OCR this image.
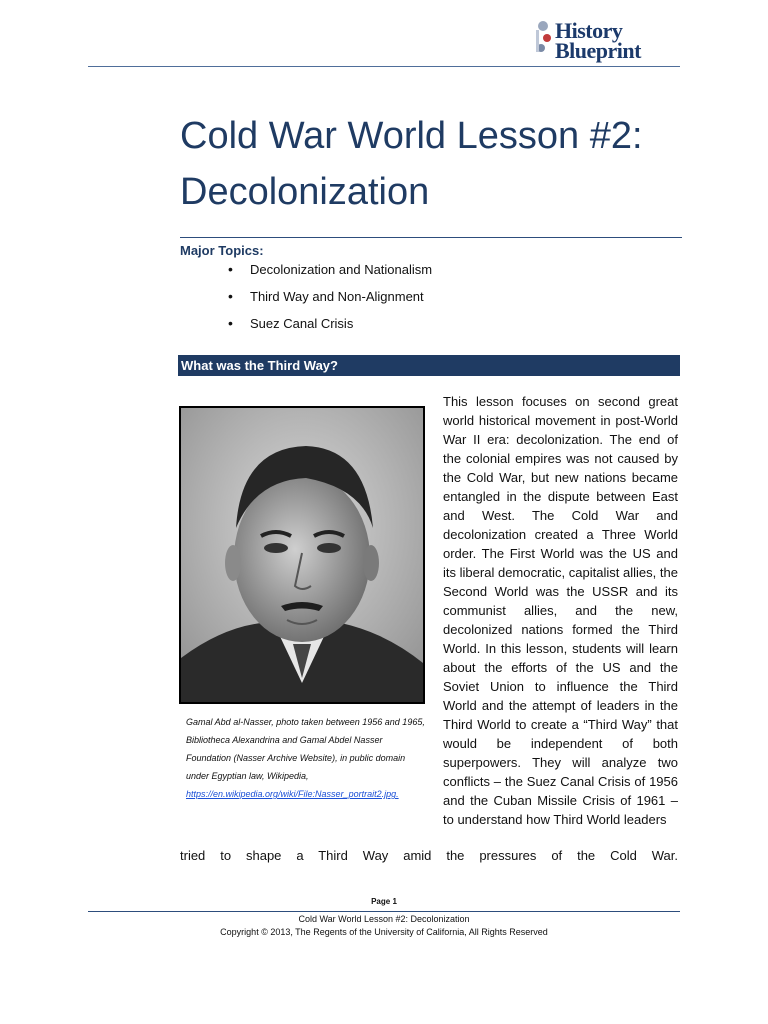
History
Blueprint
Cold War World Lesson #2:
Decolonization
Major Topics:
• Decolonization and Nationalism
• Third Way and Non-Alignment
• Suez Canal Crisis
What was the Third Way?
Gamal Abd al-Nasser, photo taken between 1956 and 1965, Bibliotheca Alexandrina and Gamal Abdel Nasser Foundation (Nasser Archive Website), in public domain under Egyptian law, Wikipedia, https://en.wikipedia.org/wiki/File:Nasser_portrait2.jpg.

This lesson focuses on second great world historical movement in post-World War II era: decolonization. The end of the colonial empires was not caused by the Cold War, but new nations became entangled in the dispute between East and West. The Cold War and decolonization created a Three World order. The First World was the US and its liberal democratic, capitalist allies, the Second World was the USSR and its communist allies, and the new, decolonized nations formed the Third World. In this lesson, students will learn about the efforts of the US and the Soviet Union to influence the Third World and the attempt of leaders in the Third World to create a “Third Way” that would be independent of both superpowers. They will analyze two conflicts – the Suez Canal Crisis of 1956 and the Cuban Missile Crisis of 1961 – to understand how Third World leaders

tried to shape a Third Way amid the pressures of the Cold War.

Page 1
Cold War World Lesson #2: Decolonization
Copyright © 2013, The Regents of the University of California, All Rights Reserved
